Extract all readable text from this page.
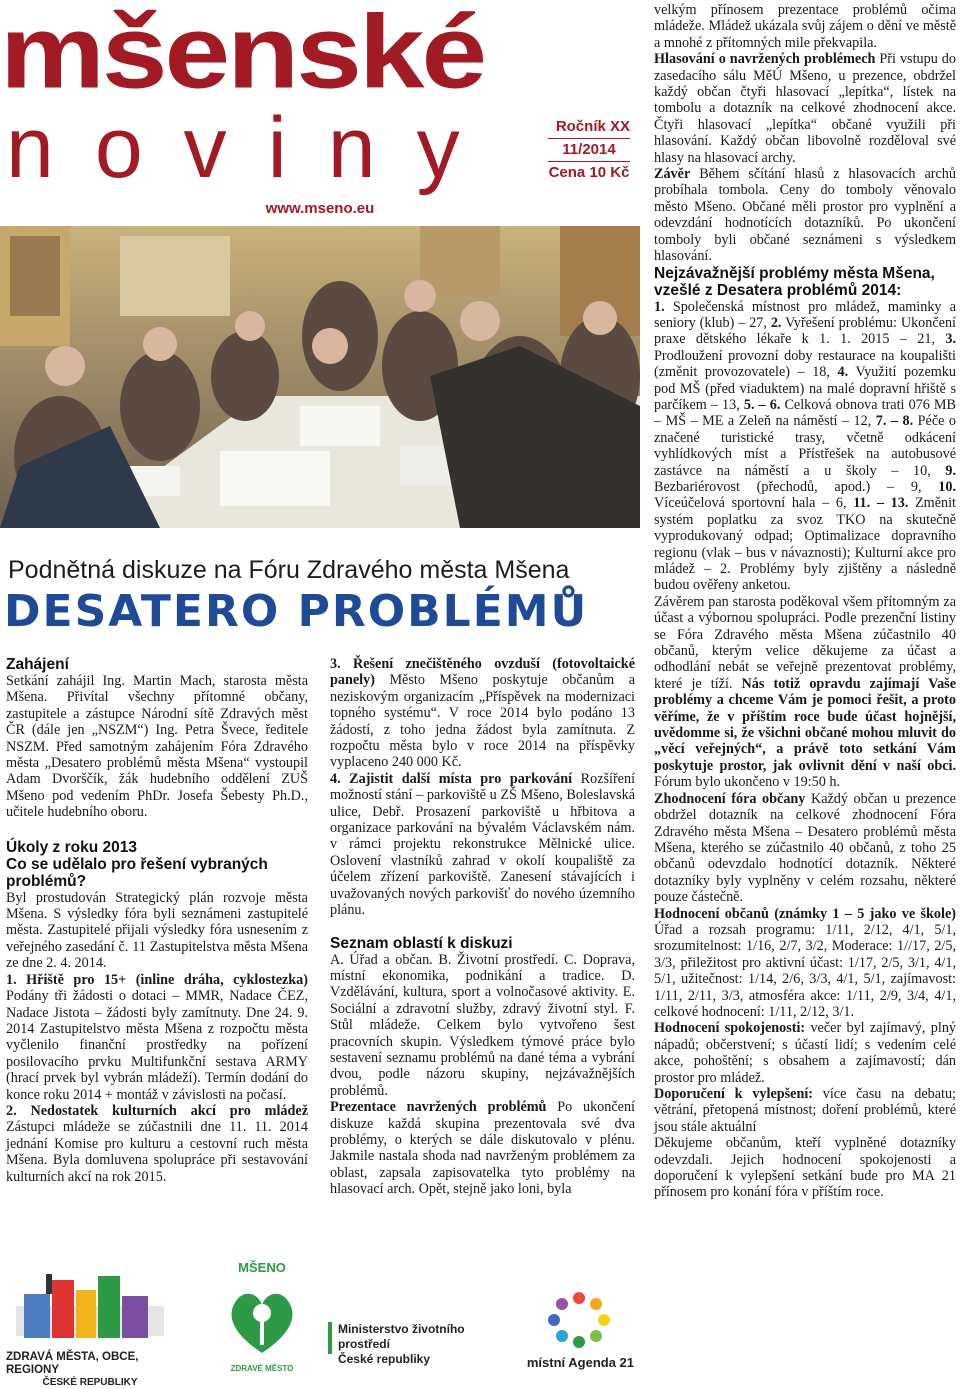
mšenské
noviny	Ročník XX
11/2014
Cena 10 Kč
www.mseno.eu
Podnětná diskuze na Fóru Zdravého města Mšena
DESATERO PROBLÉMŮ
Zahájení

Setkání zahájil Ing. Martin Mach, starosta města Mšena. Přivítal všechny přítomné občany, zastupitele a zástupce Národní sítě Zdravých měst ČR (dále jen „NSZM“) Ing. Petra Švece, ředitele NSZM. Před samotným zahájením Fóra Zdravého města „Desatero problémů města Mšena“ vystoupil Adam Dvorščík, žák hudebního oddělení ZUŠ Mšeno pod vedením PhDr. Josefa Šebesty Ph.D., učitele hudebního oboru.

Úkoly z roku 2013
Co se udělalo pro řešení vybraných problémů?

Byl prostudován Strategický plán rozvoje města Mšena. S výsledky fóra byli seznámeni zastupitelé města. Zastupitelé přijali výsledky fóra usnesením z veřejného zasedání č. 11 Zastupitelstva města Mšena ze dne 2. 4. 2014.

1. Hřiště pro 15+ (inline dráha, cyklostezka) Podány tři žádosti o dotaci – MMR, Nadace ČEZ, Nadace Jistota – žádosti byly zamítnuty. Dne 24. 9. 2014 Zastupitelstvo města Mšena z rozpočtu města vyčlenilo finanční prostředky na pořízení posilovacího prvku Multifunkční sestava ARMY (hrací prvek byl vybrán mládeží). Termín dodání do konce roku 2014 + montáž v závislosti na počasí.

2. Nedostatek kulturních akcí pro mládež Zástupci mládeže se zúčastnili dne 11. 11. 2014 jednání Komise pro kulturu a cestovní ruch města Mšena. Byla domluvena spolupráce při sestavování kulturních akcí na rok 2015.

3. Řešení znečištěného ovzduší (fotovoltaické panely) Město Mšeno poskytuje občanům a neziskovým organizacím „Příspěvek na modernizaci topného systému“. V roce 2014 bylo podáno 13 žádostí, z toho jedna žádost byla zamítnuta. Z rozpočtu města bylo v roce 2014 na příspěvky vyplaceno 240 000 Kč.

4. Zajistit další místa pro parkování Rozšíření možností stání – parkoviště u ZŠ Mšeno, Boleslavská ulice, Debř. Prosazení parkoviště u hřbitova a organizace parkování na bývalém Václavském nám. v rámci projektu rekonstrukce Mělnické ulice. Oslovení vlastníků zahrad v okolí koupaliště za účelem zřízení parkoviště. Zanesení stávajících i uvažovaných nových parkovišť do nového územního plánu.

Seznam oblastí k diskuzi

A. Úřad a občan. B. Životní prostředí. C. Doprava, místní ekonomika, podnikání a tradice. D. Vzdělávání, kultura, sport a volnočasové aktivity. E. Sociální a zdravotní služby, zdravý životní styl. F. Stůl mládeže. Celkem bylo vytvořeno šest pracovních skupin. Výsledkem týmové práce bylo sestavení seznamu problémů na dané téma a vybrání dvou, podle názoru skupiny, nejzávažnějších problémů.

Prezentace navržených problémů Po ukončení diskuze každá skupina prezentovala své dva problémy, o kterých se dále diskutovalo v plénu. Jakmile nastala shoda nad navrženým problémem za oblast, zapsala zapisovatelka tyto problémy na hlasovací arch. Opět, stejně jako loni, byla

velkým přínosem prezentace problémů očima mládeže. Mládež ukázala svůj zájem o dění ve městě a mnohé z přítomných mile překvapila.

Hlasování o navržených problémech Při vstupu do zasedacího sálu MěÚ Mšeno, u prezence, obdržel každý občan čtyři hlasovací „lepítka“, lístek na tombolu a dotazník na celkové zhodnocení akce. Čtyři hlasovací „lepítka“ občané využili při hlasování. Každý občan libovolně rozděloval své hlasy na hlasovací archy.

Závěr Během sčítání hlasů z hlasovacích archů probíhala tombola. Ceny do tomboly věnovalo město Mšeno. Občané měli prostor pro vyplnění a odevzdání hodnotících dotazníků. Po ukončení tomboly byli občané seznámeni s výsledkem hlasování.

Nejzávažnější problémy města Mšena, vzešlé z Desatera problémů 2014:

1. Společenská místnost pro mládež, maminky a seniory (klub) – 27, 2. Vyřešení problému: Ukončení praxe dětského lékaře k 1. 1. 2015 – 21, 3. Prodloužení provozní doby restaurace na koupališti (změnit provozovatele) – 18, 4. Využití pozemku pod MŠ (před viaduktem) na malé dopravní hřiště s parčíkem – 13, 5. – 6. Celková obnova trati 076 MB – MŠ – ME a Zeleň na náměstí – 12, 7. – 8. Péče o značené turistické trasy, včetně odkácení vyhlídkových míst a Přístřešek na autobusové zastávce na náměstí a u školy – 10, 9. Bezbariérovost (přechodů, apod.) – 9, 10. Víceúčelová sportovní hala – 6, 11. – 13. Změnit systém poplatku za svoz TKO na skutečně vyprodukovaný odpad; Optimalizace dopravního regionu (vlak – bus v návaznosti); Kulturní akce pro mládež – 2. Problémy byly zjištěny a následně budou ověřeny anketou.

Závěrem pan starosta poděkoval všem přítomným za účast a výbornou spolupráci. Podle prezenční listiny se Fóra Zdravého města Mšena zúčastnilo 40 občanů, kterým velice děkujeme za účast a odhodlání nebát se veřejně prezentovat problémy, které je tíží. Nás totiž opravdu zajímají Vaše problémy a chceme Vám je pomoci řešit, a proto věříme, že v příštím roce bude účast hojnější, uvědomme si, že všichni občané mohou mluvit do „věcí veřejných“, a právě toto setkání Vám poskytuje prostor, jak ovlivnit dění v naší obci. Fórum bylo ukončeno v 19:50 h.

Zhodnocení fóra občany Každý občan u prezence obdržel dotazník na celkové zhodnocení Fóra Zdravého města Mšena – Desatero problémů města Mšena, kterého se zúčastnilo 40 občanů, z toho 25 občanů odevzdalo hodnotící dotazník. Některé dotazníky byly vyplněny v celém rozsahu, některé pouze částečně.

Hodnocení občanů (známky 1 – 5 jako ve škole) Úřad a rozsah programu: 1/11, 2/12, 4/1, 5/1, srozumitelnost: 1/16, 2/7, 3/2, Moderace: 1//17, 2/5, 3/3, přiležitost pro aktivní účast: 1/17, 2/5, 3/1, 4/1, 5/1, užitečnost: 1/14, 2/6, 3/3, 4/1, 5/1, zajímavost: 1/11, 2/11, 3/3, atmosféra akce: 1/11, 2/9, 3/4, 4/1, celkové hodnocení: 1/11, 2/12, 3/1.

Hodnocení spokojenosti: večer byl zajímavý, plný nápadů; občerstvení; s účastí lidí; s vedením celé akce, pohoštění; s obsahem a zajímavostí; dán prostor pro mládež.

Doporučení k vylepšení: více času na debatu; větrání, přetopená místnost; doření problémů, které jsou stále aktuální

Děkujeme občanům, kteří vyplněné dotazníky odevzdali. Jejich hodnocení spokojenosti a doporučení k vylepšení setkání bude pro MA 21 přínosem pro konání fóra v příštím roce.

ZDRAVÁ MĚSTA, OBCE, REGIONY
ČESKÉ REPUBLIKY
MŠENO
ZDRAVÉ MĚSTO
Ministerstvo životního prostředí
České republiky	místní Agenda 21
